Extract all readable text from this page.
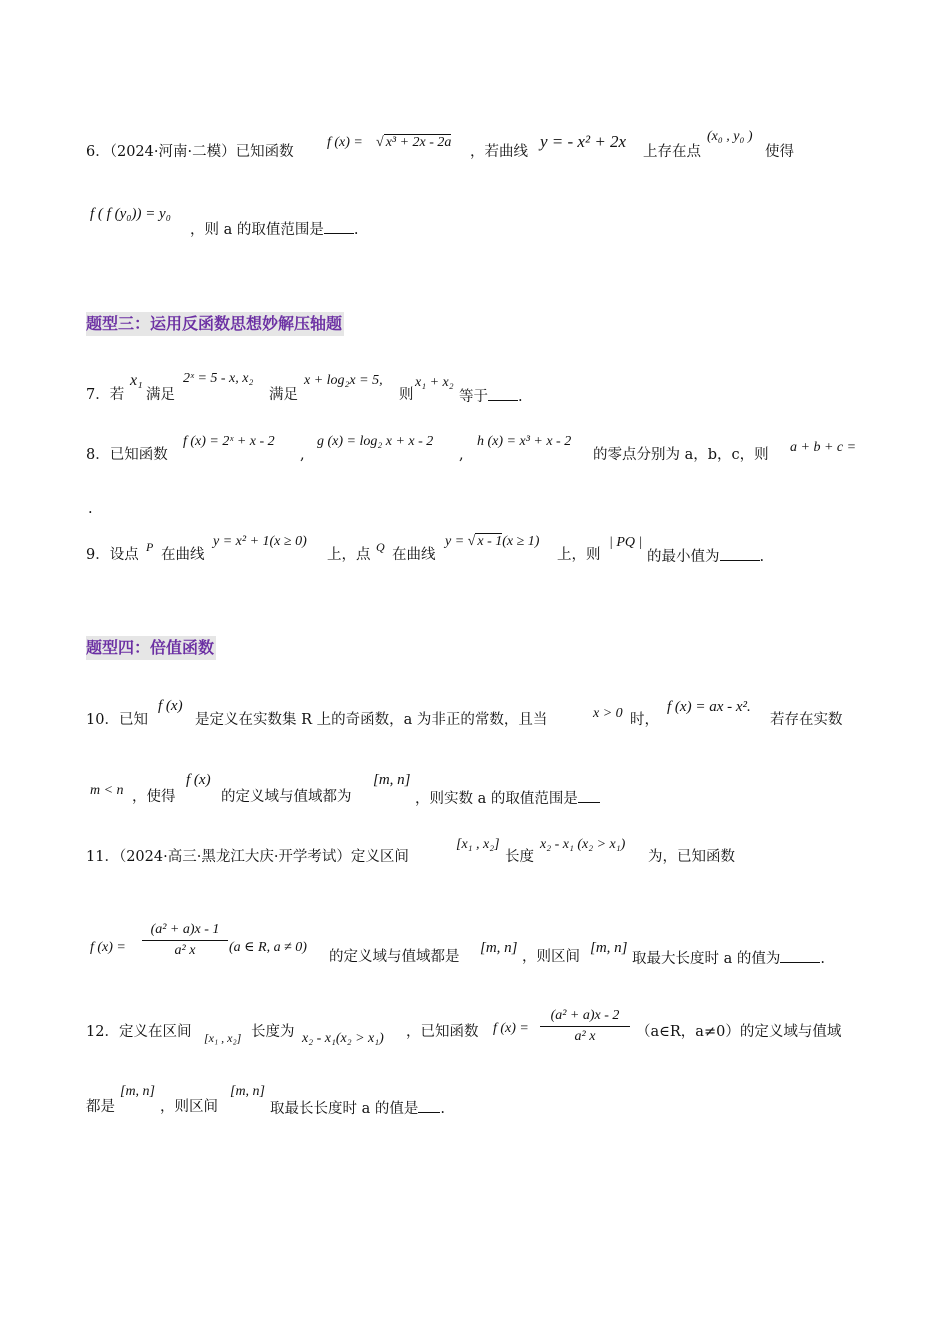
6．（2024·河南·二模）已知函数
f (x) = √ x³ + 2x - 2a
，若曲线
y = - x² + 2x
上存在点
(x₀ , y₀ )
使得
f ( f (y₀)) = y₀
，则 a 的取值范围是 .
题型三：运用反函数思想妙解压轴题
7．若
x₁
满足
2ˣ = 5 - x, x₂
满足
x + log₂x = 5,
则
x₁ + x₂
等于 .
8．已知函数
f (x) = 2ˣ + x - 2
,
g (x) = log₂ x + x - 2
,
h (x) = x³ + x - 2
的零点分别为 a，b，c，则 a + b + c =
.
9．设点 P 在曲线
y = x² + 1(x ≥ 0)
上，点 Q 在曲线
y = √ x - 1(x ≥ 1)
上，则
| PQ |
的最小值为	.
题型四：倍值函数
10．已知
f (x)
是定义在实数集 R 上的奇函数，a 为非正的常数，且当	x > 0 时，
f (x) = ax - x².
若存在实数
m < n ，使得
f (x)
的定义域与值域都为
[m, n]
，则实数 a 的取值范围是
11．（2024·高三·黑龙江大庆·开学考试）定义区间
[x₁ , x₂]
长度
x₂ - x₁ (x₂ > x₁)
为，已知函数
f (x) =
(a² + a)x - 1
a² x	(a ∈ R, a ≠ 0)
的定义域与值域都是
[m, n]
，则区间
[m, n]
取最大长度时 a 的值为	.
12．定义在区间 [x₁ , x₂] 长度为 x₂ - x₁(x₂ > x₁) ，已知函数 f (x) =
(a² + a)x - 2
a² x	（a∈R，a≠0）的定义域与值域
都是
[m, n]
，则区间
[m, n]
取最长长度时 a 的值是 .
